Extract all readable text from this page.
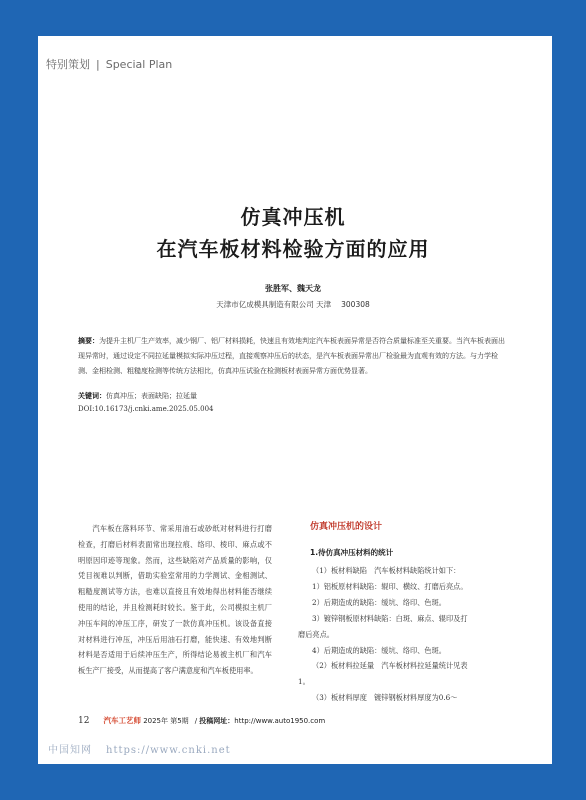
特别策划 | Special Plan
仿真冲压机
在汽车板材料检验方面的应用
张胜军、魏天龙
天津市亿成模具制造有限公司 天津 300308
摘要：为提升主机厂生产效率，减少钢厂、铝厂材料损耗，快速且有效地判定汽车板表面异常是否符合质量标准至关重要。当汽车板表面出现异常时，通过设定不同拉延量模拟实际冲压过程，直接观察冲压后的状态，是汽车板表面异常出厂检验最为直观有效的方法。与力学检测、金相检测、粗糙度检测等传统方法相比，仿真冲压试验在检测板材表面异常方面优势显著。
关键词：仿真冲压；表面缺陷；拉延量
DOI:10.16173/j.cnki.ame.2025.05.004

汽车板在落料环节、常采用油石或砂纸对材料进行打磨检查，打磨后材料表面常出现拉痕、络印、棱印、麻点或不明原因印迹等现象。然而，这些缺陷对产品质量的影响，仅凭目视难以判断，借助实验室常用的力学测试、金相测试、粗糙度测试等方法，也难以直接且有效地得出材料能否继续使用的结论，并且检测耗时较长。鉴于此，公司模拟主机厂冲压车间的冲压工序，研发了一款仿真冲压机。该设备直接对材料进行冲压，冲压后用油石打磨，能快速、有效地判断材料是否适用于后续冲压生产，所得结论易被主机厂和汽车板生产厂接受，从而提高了客户满意度和汽车板使用率。

仿真冲压机的设计
1.待仿真冲压材料的统计
（1）板材料缺陷　汽车板材料缺陷统计如下：
1）铝板原材料缺陷：辊印、横纹、打磨后亮点。
2）后期造成的缺陷：缓坑、络印、色斑。
3）镀锌钢板原材料缺陷：白斑、麻点、辊印及打
磨后亮点。
4）后期造成的缺陷：缓坑、络印、色斑。
（2）板材料拉延量　汽车板材料拉延量统计见表
1。
（3）板材料厚度　镀锌钢板材料厚度为0.6～
12 汽车工艺师 2025年 第5期 / 投稿网址：http://www.auto1950.com
中国知网 https://www.cnki.net
